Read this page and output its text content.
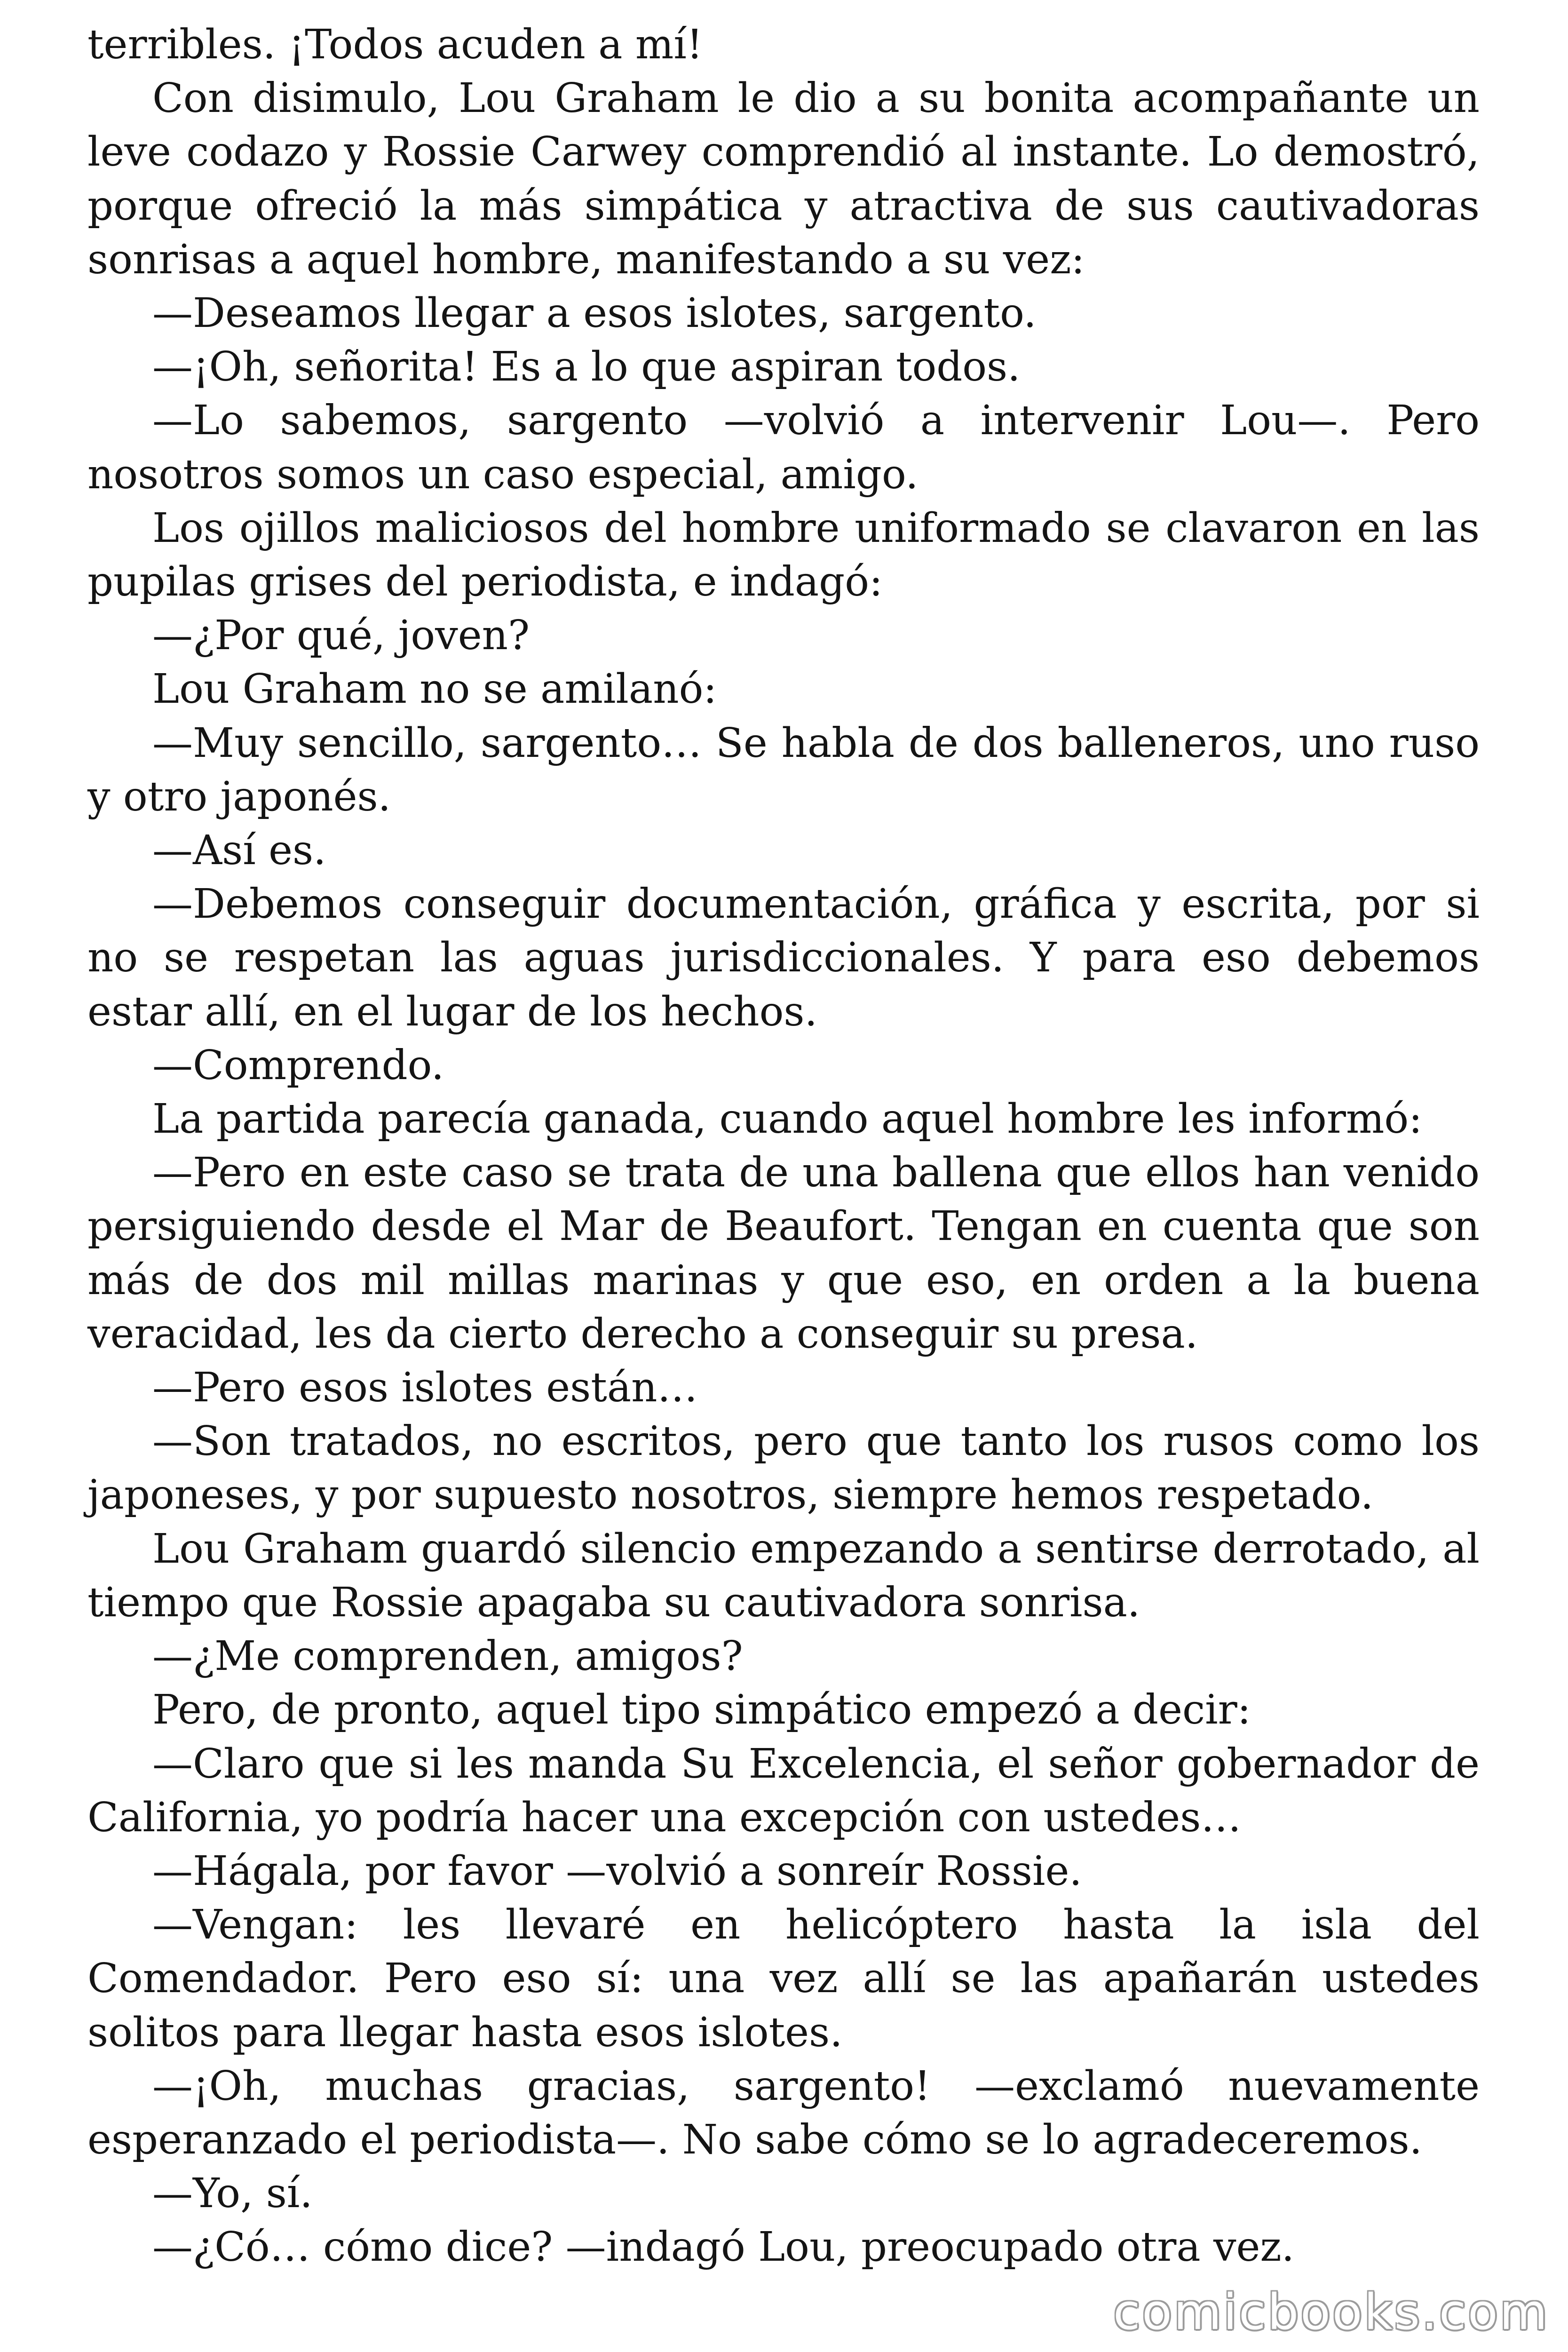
terribles. ¡Todos acuden a mí!

Con disimulo, Lou Graham le dio a su bonita acompañante un leve codazo y Rossie Carwey comprendió al instante. Lo demostró, porque ofreció la más simpática y atractiva de sus cautivadoras sonrisas a aquel hombre, manifestando a su vez:

—Deseamos llegar a esos islotes, sargento.

—¡Oh, señorita! Es a lo que aspiran todos.

—Lo sabemos, sargento —volvió a intervenir Lou—. Pero nosotros somos un caso especial, amigo.

Los ojillos maliciosos del hombre uniformado se clavaron en las pupilas grises del periodista, e indagó:

—¿Por qué, joven?

Lou Graham no se amilanó:

—Muy sencillo, sargento… Se habla de dos balleneros, uno ruso y otro japonés.

—Así es.

—Debemos conseguir documentación, gráfica y escrita, por si no se respetan las aguas jurisdiccionales. Y para eso debemos estar allí, en el lugar de los hechos.

—Comprendo.

La partida parecía ganada, cuando aquel hombre les informó:

—Pero en este caso se trata de una ballena que ellos han venido persiguiendo desde el Mar de Beaufort. Tengan en cuenta que son más de dos mil millas marinas y que eso, en orden a la buena veracidad, les da cierto derecho a conseguir su presa.

—Pero esos islotes están…

—Son tratados, no escritos, pero que tanto los rusos como los japoneses, y por supuesto nosotros, siempre hemos respetado.

Lou Graham guardó silencio empezando a sentirse derrotado, al tiempo que Rossie apagaba su cautivadora sonrisa.

—¿Me comprenden, amigos?

Pero, de pronto, aquel tipo simpático empezó a decir:

—Claro que si les manda Su Excelencia, el señor gobernador de California, yo podría hacer una excepción con ustedes…

—Hágala, por favor —volvió a sonreír Rossie.

—Vengan: les llevaré en helicóptero hasta la isla del Comendador. Pero eso sí: una vez allí se las apañarán ustedes solitos para llegar hasta esos islotes.

—¡Oh, muchas gracias, sargento! —exclamó nuevamente esperanzado el periodista—. No sabe cómo se lo agradeceremos.

—Yo, sí.

—¿Có… cómo dice? —indagó Lou, preocupado otra vez.

comicbooks.com
